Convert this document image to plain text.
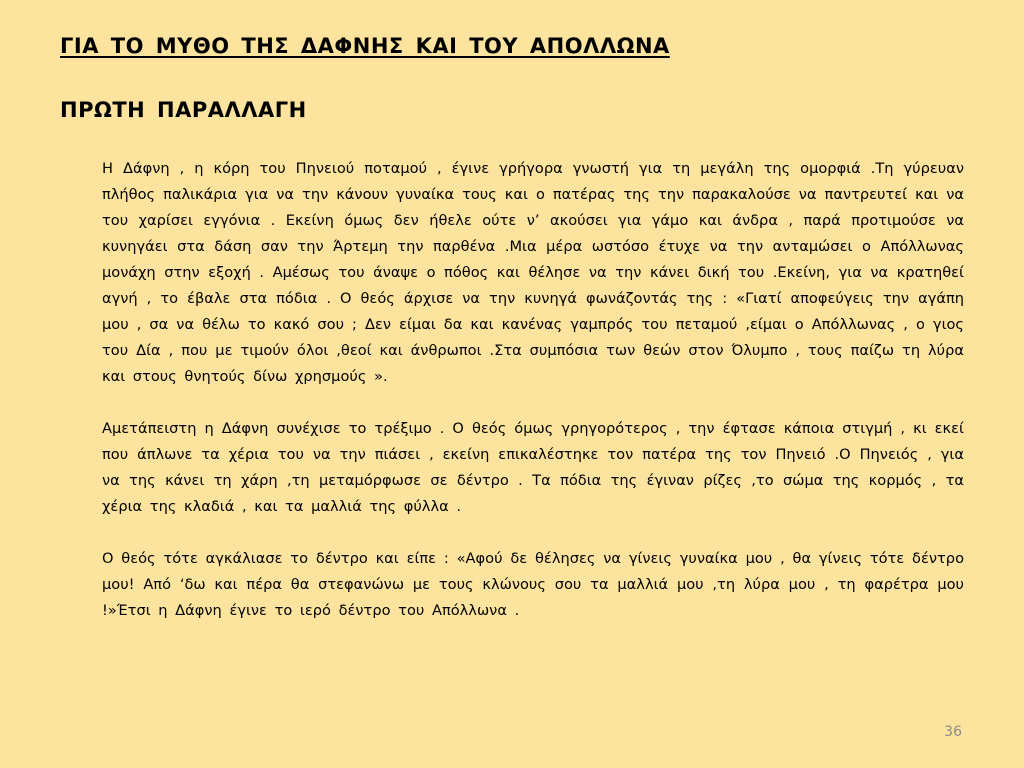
ΓΙΑ ΤΟ ΜΥΘΟ ΤΗΣ ΔΑΦΝΗΣ ΚΑΙ ΤΟΥ ΑΠΟΛΛΩΝΑ
ΠΡΩΤΗ ΠΑΡΑΛΛΑΓΗ

Η Δάφνη , η κόρη του Πηνειού ποταμού , έγινε γρήγορα γνωστή για τη μεγάλη της ομορφιά .Τη γύρευαν πλήθος παλικάρια για να την κάνουν γυναίκα τους και ο πατέρας της την παρακαλούσε να παντρευτεί και να του χαρίσει εγγόνια . Εκείνη όμως δεν ήθελε ούτε ν’ ακούσει για γάμο και άνδρα , παρά προτιμούσε να κυνηγάει στα δάση σαν την Άρτεμη την παρθένα .Μια μέρα ωστόσο έτυχε να την ανταμώσει ο Απόλλωνας μονάχη στην εξοχή . Αμέσως του άναψε ο πόθος και θέλησε να την κάνει δική του .Εκείνη, για να κρατηθεί αγνή , το έβαλε στα πόδια . Ο θεός άρχισε να την κυνηγά φωνάζοντάς της : «Γιατί αποφεύγεις την αγάπη μου , σα να θέλω το κακό σου ; Δεν είμαι δα και κανένας γαμπρός του πεταμού ,είμαι ο Απόλλωνας , ο γιος του Δία , που με τιμούν όλοι ,θεοί και άνθρωποι .Στα συμπόσια των θεών στον Όλυμπο , τους παίζω τη λύρα και στους θνητούς δίνω χρησμούς ».

Αμετάπειστη η Δάφνη συνέχισε το τρέξιμο . Ο θεός όμως γρηγορότερος , την έφτασε κάποια στιγμή , κι εκεί που άπλωνε τα χέρια του να την πιάσει , εκείνη επικαλέστηκε τον πατέρα της τον Πηνειό .Ο Πηνειός , για να της κάνει τη χάρη ,τη μεταμόρφωσε σε δέντρο . Τα πόδια της έγιναν ρίζες ,το σώμα της κορμός , τα χέρια της κλαδιά , και τα μαλλιά της φύλλα .

Ο θεός τότε αγκάλιασε το δέντρο και είπε : «Αφού δε θέλησες να γίνεις γυναίκα μου , θα γίνεις τότε δέντρο μου! Από ‘δω και πέρα θα στεφανώνω με τους κλώνους σου τα μαλλιά μου ,τη λύρα μου , τη φαρέτρα μου !»Έτσι η Δάφνη έγινε το ιερό δέντρο του Απόλλωνα .

36
